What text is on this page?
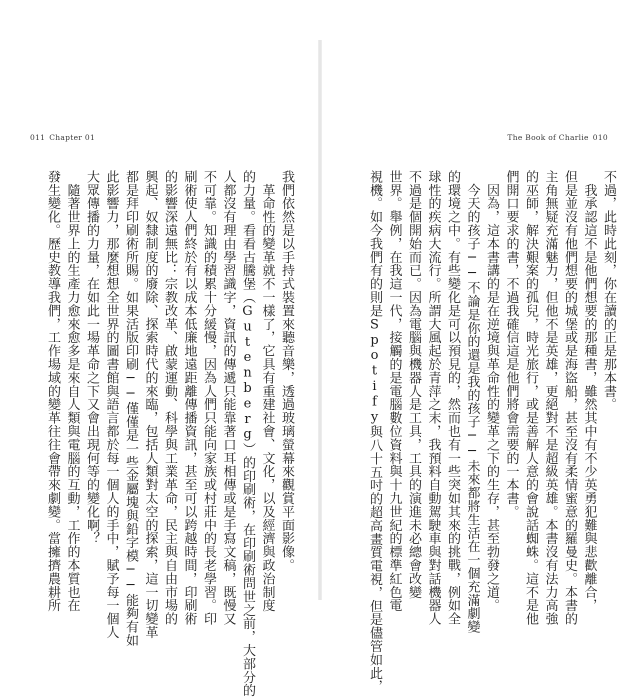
011 Chapter 01
我們依然是以手持式裝置來聽音樂，透過玻璃螢幕來觀賞平面影像。
　革命性的變革就不一樣了，它具有重建社會、文化，以及經濟與政治制度
的力量。看看古騰堡（Gutenberg）的印刷術，在印刷術問世之前，大部分的
人都沒有理由學習識字，資訊的傳遞只能靠著口耳相傳或是手寫文稿，既慢又
不可靠。知識的積累十分緩慢，因為人們只能向家族或村莊中的長老學習。印
刷術使人們終於有以成本低廉地遠距離傳播資訊，甚至可以跨越時間，印刷術
的影響深遠無比：宗教改革、啟蒙運動、科學與工業革命，民主與自由市場的
興起、奴隸制度的廢除、探索時代的來臨，包括人類對太空的探索，這一切變革
都是拜印刷術所賜。如果活版印刷──僅僅是一些金屬塊與鉛字模──能夠有如
此影響力，那麼想想全世界的圖書館與語言都於每一個人的手中，賦予每一個人
大眾傳播的力量，在如此一場革命之下又會出現何等的變化啊？
　隨著世界上的生產力愈來愈多是來自人類與電腦的互動，工作的本質也在
發生變化。歷史教導我們，工作場域的變革往往會帶來劇變。當擁擠農耕所
The Book of Charlie 010
不過，此時此刻，你在讀的正是那本書。
　我承認這不是他們想要的那種書，雖然其中有不少英勇犯難與悲歡離合，
但是並沒有他們想要的城堡或是海盜船，甚至沒有柔情蜜意的羅曼史。本書的
主角無疑充滿魅力，但他不是英雄，更絕對不是超級英雄。本書沒有法力高強
的巫師，解決艱案的孤兒，時光旅行，或是善解人意的會說話蜘蛛。這不是他
們開口要求的書，不過我確信這是他們將會需要的一本書。
　因為，這本書講的是在逆境與革命性的變革之下的生存，甚至勃發之道。
　今天的孩子──不論是你的還是我的孩子──未來都將生活在一個充滿劇變
的環境之中。有些變化是可以預見的，然而也有一些突如其來的挑戰，例如全
球性的疾病大流行。所謂大風起於青萍之末，我預料自動駕駛車與對話機器人
不過是個開始而已。因為電腦與機器人是工具，工具的演進未必總會改變
世界。舉例，在我這一代，接觸的是電腦數位資料與十九世紀的標準紅色電
視機。如今我們有的則是Spotify與八十五吋的超高畫質電視，但是儘管如此，
